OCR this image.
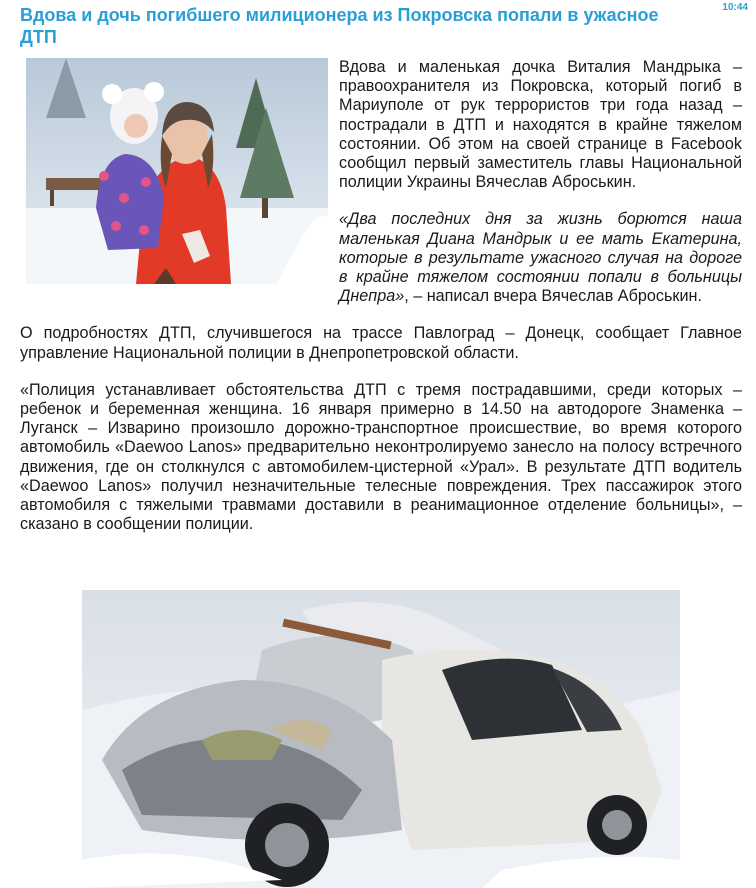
Вдова и дочь погибшего милиционера из Покровска попали в ужасное ДТП
10:44

Вдова и маленькая дочка Виталия Мандрыка – правоохранителя из Покровска, который погиб в Мариуполе от рук террористов три года назад – пострадали в ДТП и находятся в крайне тяжелом состоянии. Об этом на своей странице в Facebook сообщил первый заместитель главы Национальной полиции Украины Вячеслав Аброськин.

«Два последних дня за жизнь борются наша маленькая Диана Мандрык и ее мать Екатерина, которые в результате ужасного случая на дороге в крайне тяжелом состоянии попали в больницы Днепра», – написал вчера Вячеслав Аброськин.

О подробностях ДТП, случившегося на трассе Павлоград – Донецк, сообщает Главное управление Национальной полиции в Днепропетровской области.

«Полиция устанавливает обстоятельства ДТП с тремя пострадавшими, среди которых – ребенок и беременная женщина. 16 января примерно в 14.50 на автодороге Знаменка – Луганск – Изварино произошло дорожно-транспортное происшествие, во время которого автомобиль «Daewoo Lanos» предварительно неконтролируемо занесло на полосу встречного движения, где он столкнулся с автомобилем-цистерной «Урал». В результате ДТП водитель «Daewoo Lanos» получил незначительные телесные повреждения. Трех пассажирок этого автомобиля с тяжелыми травмами доставили в реанимационное отделение больницы», – сказано в сообщении полиции.
